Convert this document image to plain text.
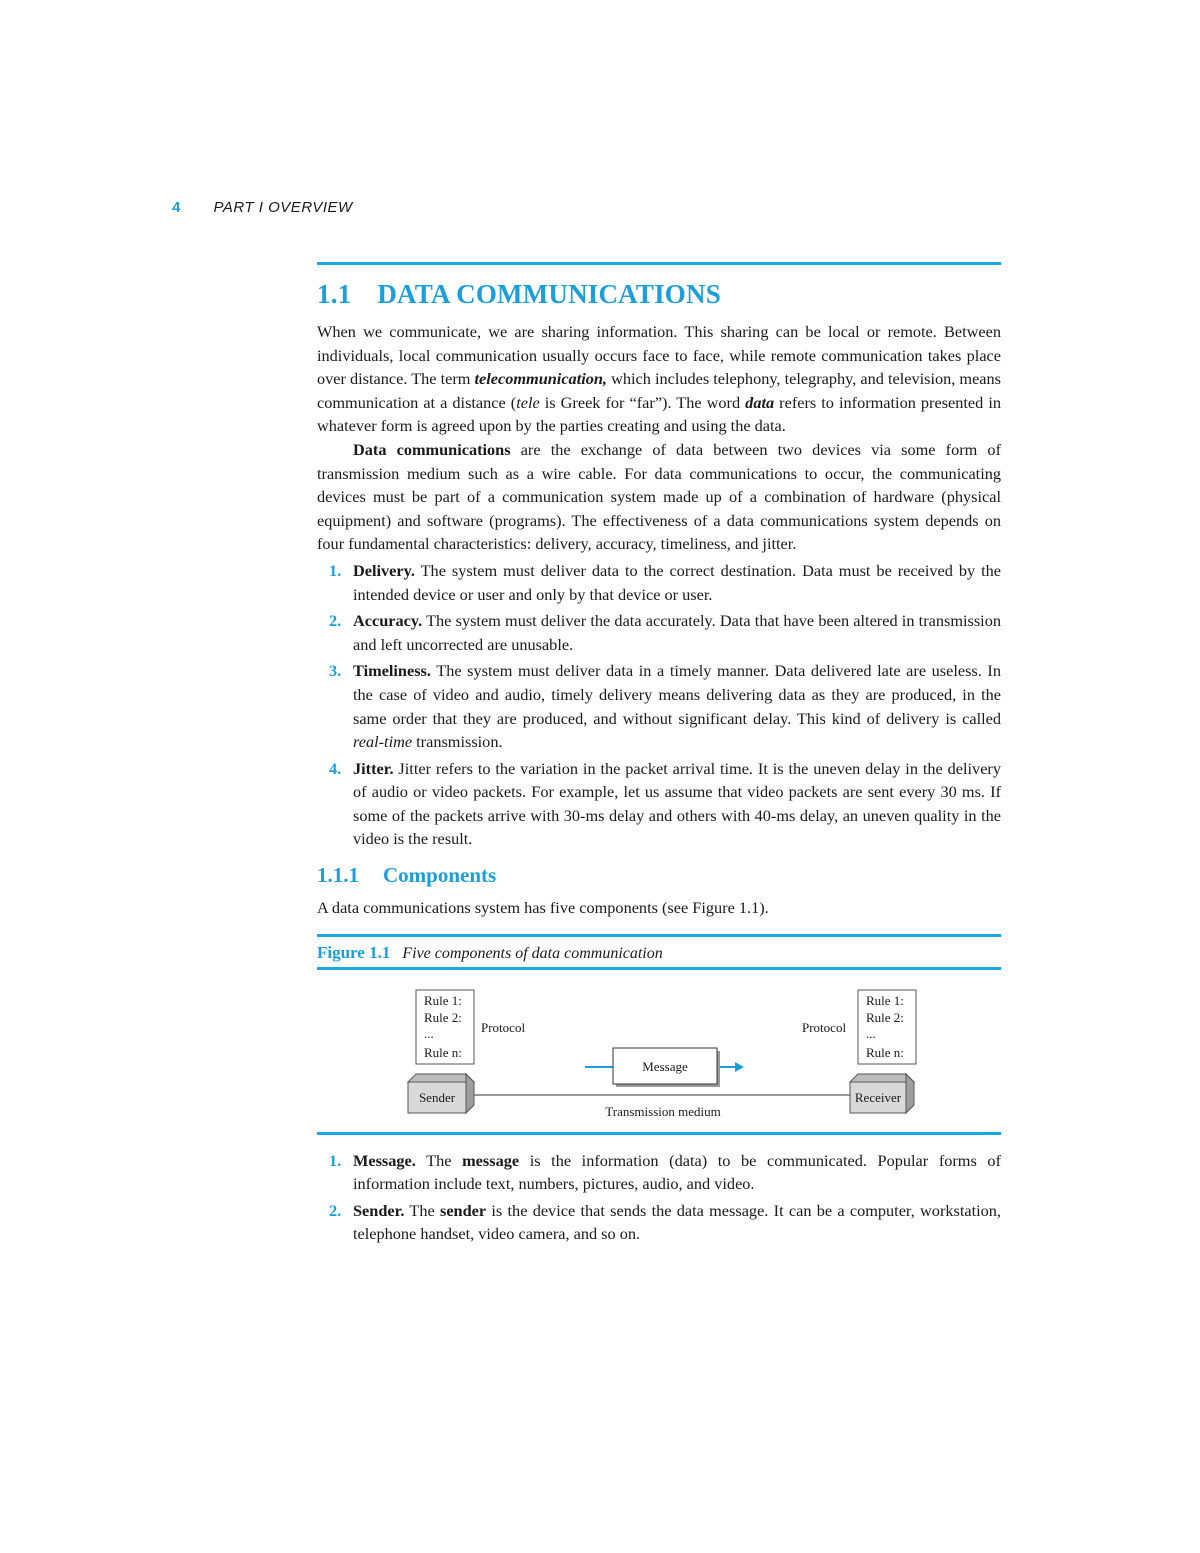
4 PART I OVERVIEW
1.1 DATA COMMUNICATIONS

When we communicate, we are sharing information. This sharing can be local or remote. Between individuals, local communication usually occurs face to face, while remote communication takes place over distance. The term telecommunication, which includes telephony, telegraphy, and television, means communication at a distance (tele is Greek for “far”). The word data refers to information presented in whatever form is agreed upon by the parties creating and using the data.

Data communications are the exchange of data between two devices via some form of transmission medium such as a wire cable. For data communications to occur, the communicating devices must be part of a communication system made up of a combination of hardware (physical equipment) and software (programs). The effectiveness of a data communications system depends on four fundamental characteristics: delivery, accuracy, timeliness, and jitter.

1. Delivery. The system must deliver data to the correct destination. Data must be received by the intended device or user and only by that device or user.
2. Accuracy. The system must deliver the data accurately. Data that have been altered in transmission and left uncorrected are unusable.
3. Timeliness. The system must deliver data in a timely manner. Data delivered late are useless. In the case of video and audio, timely delivery means delivering data as they are produced, in the same order that they are produced, and without significant delay. This kind of delivery is called real-time transmission.
4. Jitter. Jitter refers to the variation in the packet arrival time. It is the uneven delay in the delivery of audio or video packets. For example, let us assume that video packets are sent every 30 ms. If some of the packets arrive with 30-ms delay and others with 40-ms delay, an uneven quality in the video is the result.
1.1.1 Components

A data communications system has five components (see Figure 1.1).

Figure 1.1 Five components of data communication
Rule 1:
Rule 2:
...
Rule n:
Protocol
Rule 1:
Rule 2:
...
Rule n:
Protocol
Message
Transmission medium
Sender	Receiver
1. Message. The message is the information (data) to be communicated. Popular forms of information include text, numbers, pictures, audio, and video.
2. Sender. The sender is the device that sends the data message. It can be a computer, workstation, telephone handset, video camera, and so on.
